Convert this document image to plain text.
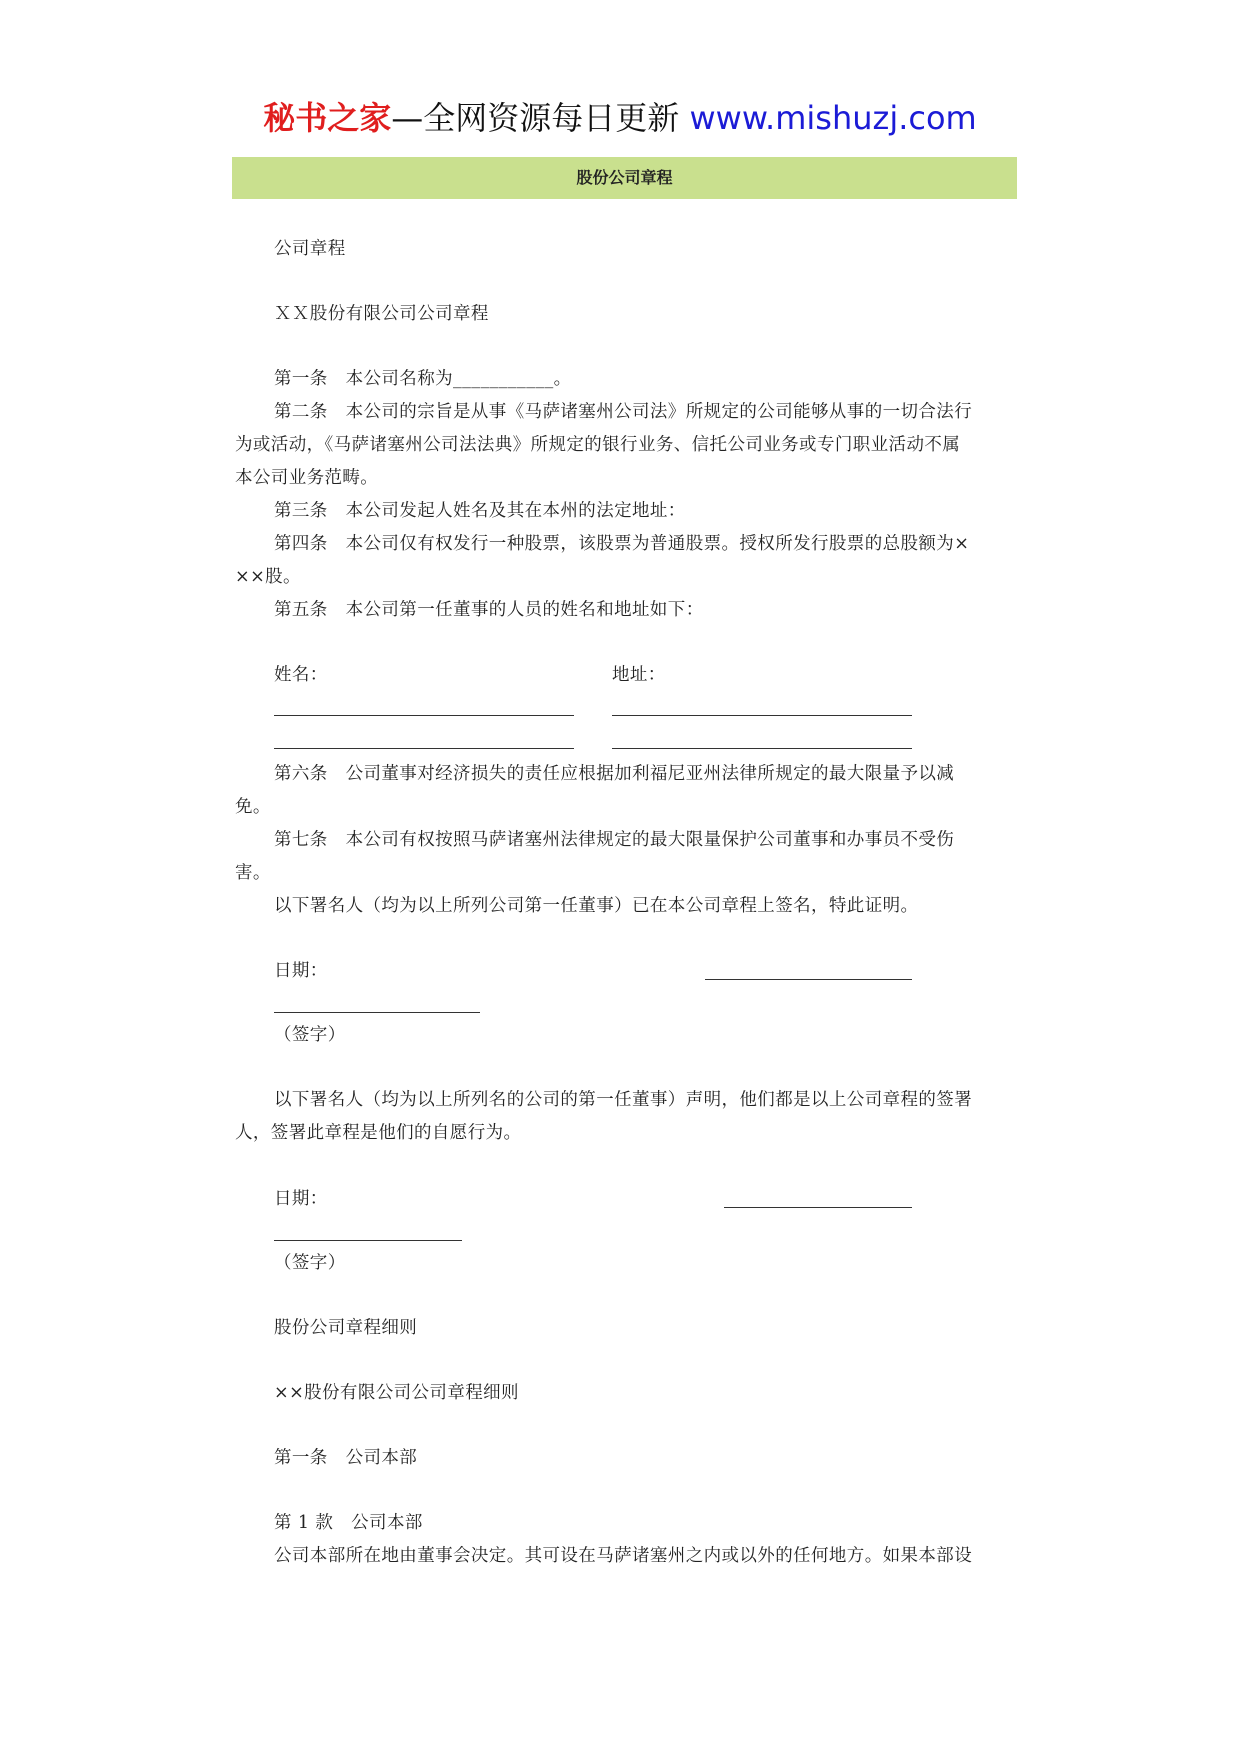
秘书之家—全网资源每日更新 www.mishuzj.com
股份公司章程
公司章程
ＸＸ股份有限公司公司章程
第一条　本公司名称为___________。
第二条　本公司的宗旨是从事《马萨诸塞州公司法》所规定的公司能够从事的一切合法行
为或活动，《马萨诸塞州公司法法典》所规定的银行业务、信托公司业务或专门职业活动不属
本公司业务范畴。
第三条　本公司发起人姓名及其在本州的法定地址：
第四条　本公司仅有权发行一种股票，该股票为普通股票。授权所发行股票的总股额为×
××股。
第五条　本公司第一任董事的人员的姓名和地址如下：
姓名：	地址：
第六条　公司董事对经济损失的责任应根据加利福尼亚州法律所规定的最大限量予以减
免。
第七条　本公司有权按照马萨诸塞州法律规定的最大限量保护公司董事和办事员不受伤
害。
以下署名人（均为以上所列公司第一任董事）已在本公司章程上签名，特此证明。
日期：
（签字）
以下署名人（均为以上所列名的公司的第一任董事）声明，他们都是以上公司章程的签署
人，签署此章程是他们的自愿行为。
日期：
（签字）
股份公司章程细则
××股份有限公司公司章程细则
第一条　公司本部
第 1 款　公司本部
公司本部所在地由董事会决定。其可设在马萨诸塞州之内或以外的任何地方。如果本部设
